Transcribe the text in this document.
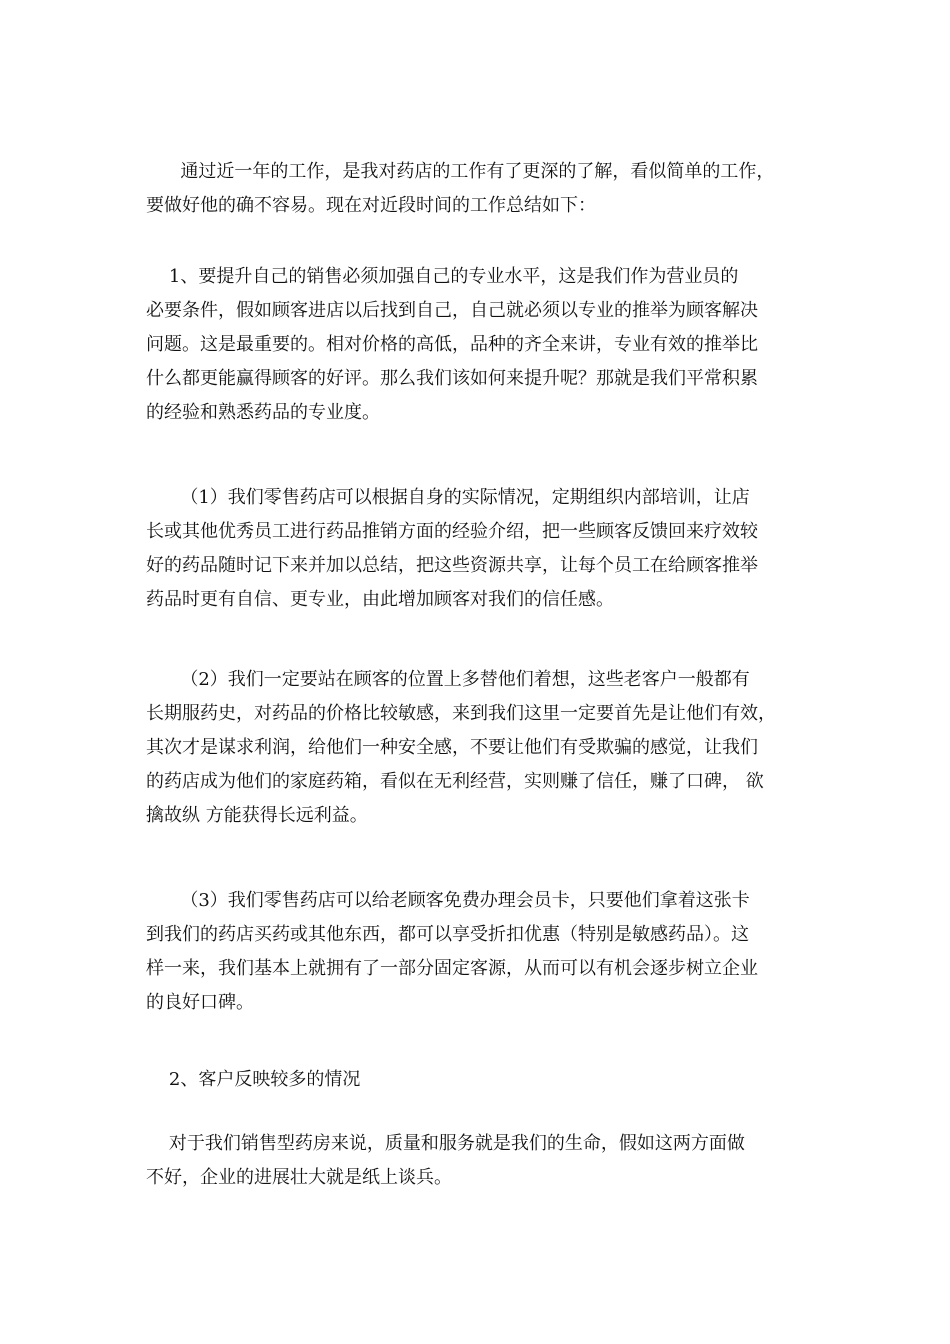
通过近一年的工作，是我对药店的工作有了更深的了解，看似简单的工作，
要做好他的确不容易。现在对近段时间的工作总结如下：
1、要提升自己的销售必须加强自己的专业水平，这是我们作为营业员的
必要条件，假如顾客进店以后找到自己，自己就必须以专业的推举为顾客解决
问题。这是最重要的。相对价格的高低，品种的齐全来讲，专业有效的推举比
什么都更能赢得顾客的好评。那么我们该如何来提升呢？那就是我们平常积累
的经验和熟悉药品的专业度。
（1）我们零售药店可以根据自身的实际情况，定期组织内部培训，让店
长或其他优秀员工进行药品推销方面的经验介绍，把一些顾客反馈回来疗效较
好的药品随时记下来并加以总结，把这些资源共享，让每个员工在给顾客推举
药品时更有自信、更专业，由此增加顾客对我们的信任感。
（2）我们一定要站在顾客的位置上多替他们着想，这些老客户一般都有
长期服药史，对药品的价格比较敏感，来到我们这里一定要首先是让他们有效，
其次才是谋求利润，给他们一种安全感，不要让他们有受欺骗的感觉，让我们
的药店成为他们的家庭药箱，看似在无利经营，实则赚了信任，赚了口碑， 欲
擒故纵 方能获得长远利益。
（3）我们零售药店可以给老顾客免费办理会员卡，只要他们拿着这张卡
到我们的药店买药或其他东西，都可以享受折扣优惠（特别是敏感药品）。这
样一来，我们基本上就拥有了一部分固定客源，从而可以有机会逐步树立企业
的良好口碑。
2、客户反映较多的情况
对于我们销售型药房来说，质量和服务就是我们的生命，假如这两方面做
不好，企业的进展壮大就是纸上谈兵。
